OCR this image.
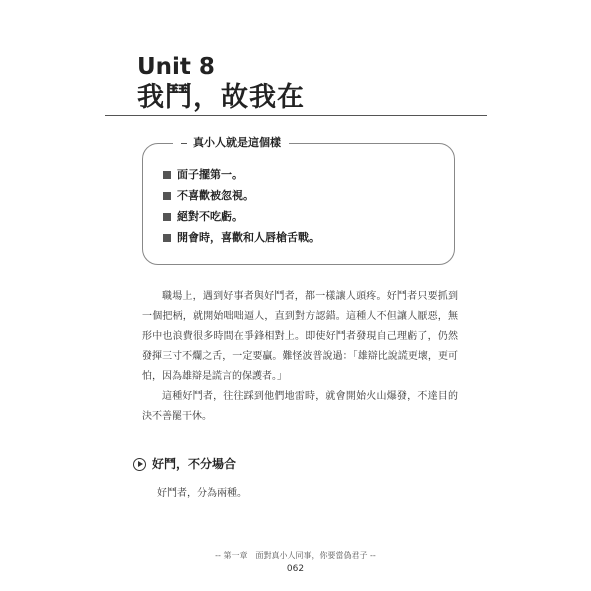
Unit 8
我鬥，故我在
真小人就是這個樣
面子擺第一。
不喜歡被忽視。
絕對不吃虧。
開會時，喜歡和人唇槍舌戰。

職場上，遇到好事者與好鬥者，都一樣讓人頭疼。好鬥者只要抓到一個把柄，就開始咄咄逼人，直到對方認錯。這種人不但讓人厭惡，無形中也浪費很多時間在爭鋒相對上。即使好鬥者發現自己理虧了，仍然發揮三寸不爛之舌，一定要贏。難怪波普說過：「雄辯比說謊更壞，更可怕，因為雄辯是謊言的保護者。」

這種好鬥者，往往踩到他們地雷時，就會開始火山爆發，不達目的決不善罷干休。

好鬥，不分場合
好鬥者，分為兩種。
-- 第一章　面對真小人同事，你要當偽君子 --
062
